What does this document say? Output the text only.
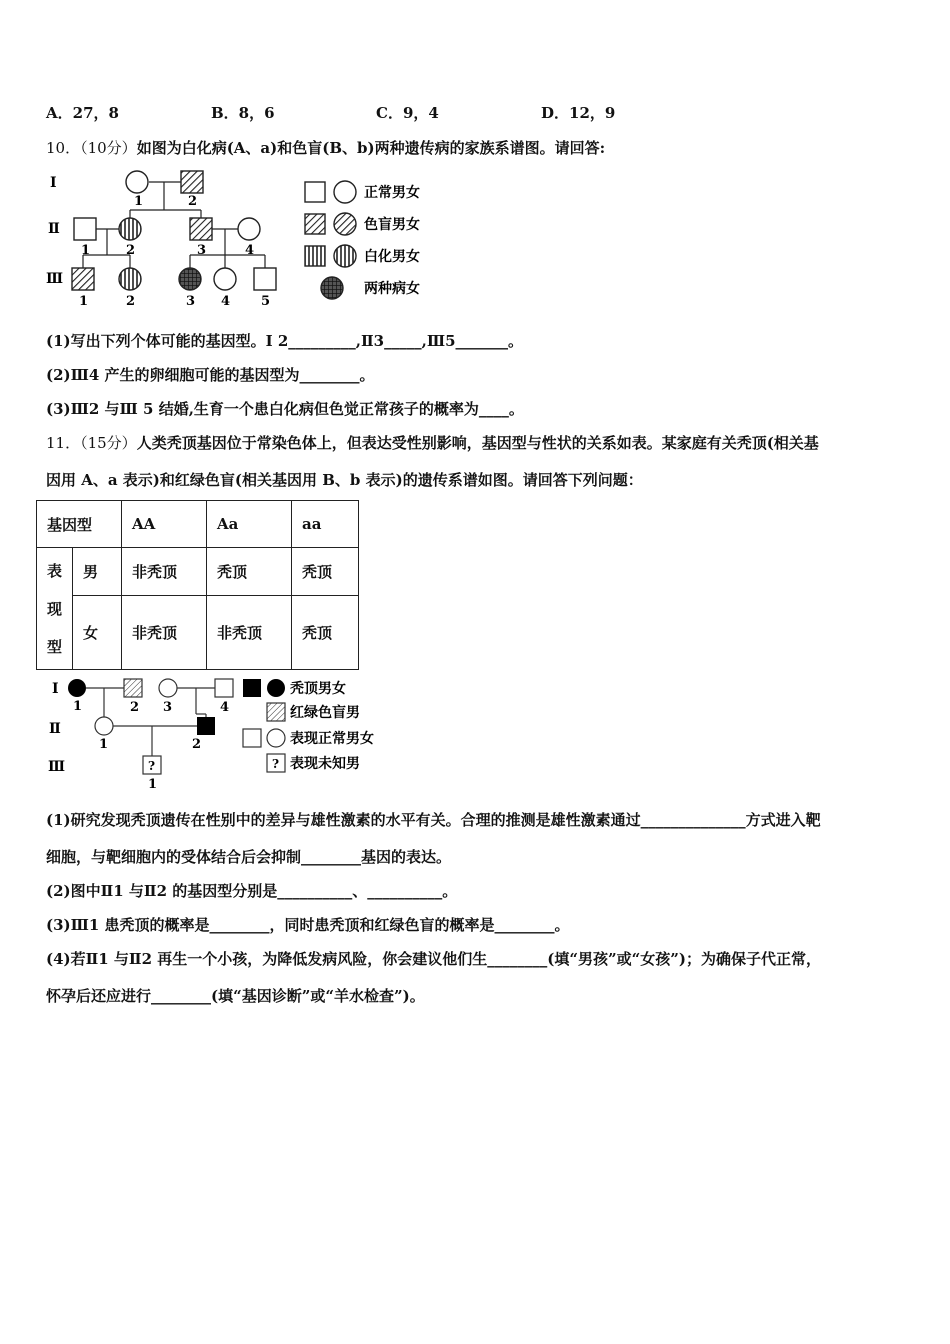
A．27，8	B．8，6	C．9，4	D．12，9
10．（10分）如图为白化病(A、a)和色盲(B、b)两种遗传病的家族系谱图。请回答:
Ⅰ
Ⅱ
Ⅲ
1	2
1	2	3	4
1	2	3 4 5
正常男女
色盲男女
白化男女
两种病女
(1)写出下列个体可能的基因型。Ⅰ 2_________,Ⅱ3_____,Ⅲ5_______。
(2)Ⅲ4 产生的卵细胞可能的基因型为________。
(3)Ⅲ2 与Ⅲ 5 结婚,生育一个患白化病但色觉正常孩子的概率为____。
11．（15分）人类秃顶基因位于常染色体上，但表达受性别影响，基因型与性状的关系如表。某家庭有关秃顶(相关基
因用 A、a 表示)和红绿色盲(相关基因用 B、b 表示)的遗传系谱如图。请回答下列问题：
基因型		AA	Aa	aa
表
现
型	男	非秃顶	秃顶	秃顶
	女	非秃顶	非秃顶	秃顶
Ⅰ
Ⅱ
Ⅲ
1	2 3	4
1	2
?
1
秃顶男女
红绿色盲男
表现正常男女
? 表现未知男
(1)研究发现秃顶遗传在性别中的差异与雄性激素的水平有关。合理的推测是雄性激素通过______________方式进入靶
细胞，与靶细胞内的受体结合后会抑制________基因的表达。
(2)图中Ⅱ1 与Ⅱ2 的基因型分别是__________、__________。
(3)Ⅲ1 患秃顶的概率是________，同时患秃顶和红绿色盲的概率是________。
(4)若Ⅱ1 与Ⅱ2 再生一个小孩，为降低发病风险，你会建议他们生________(填“男孩”或“女孩”)；为确保子代正常，
怀孕后还应进行________(填“基因诊断”或“羊水检查”)。
